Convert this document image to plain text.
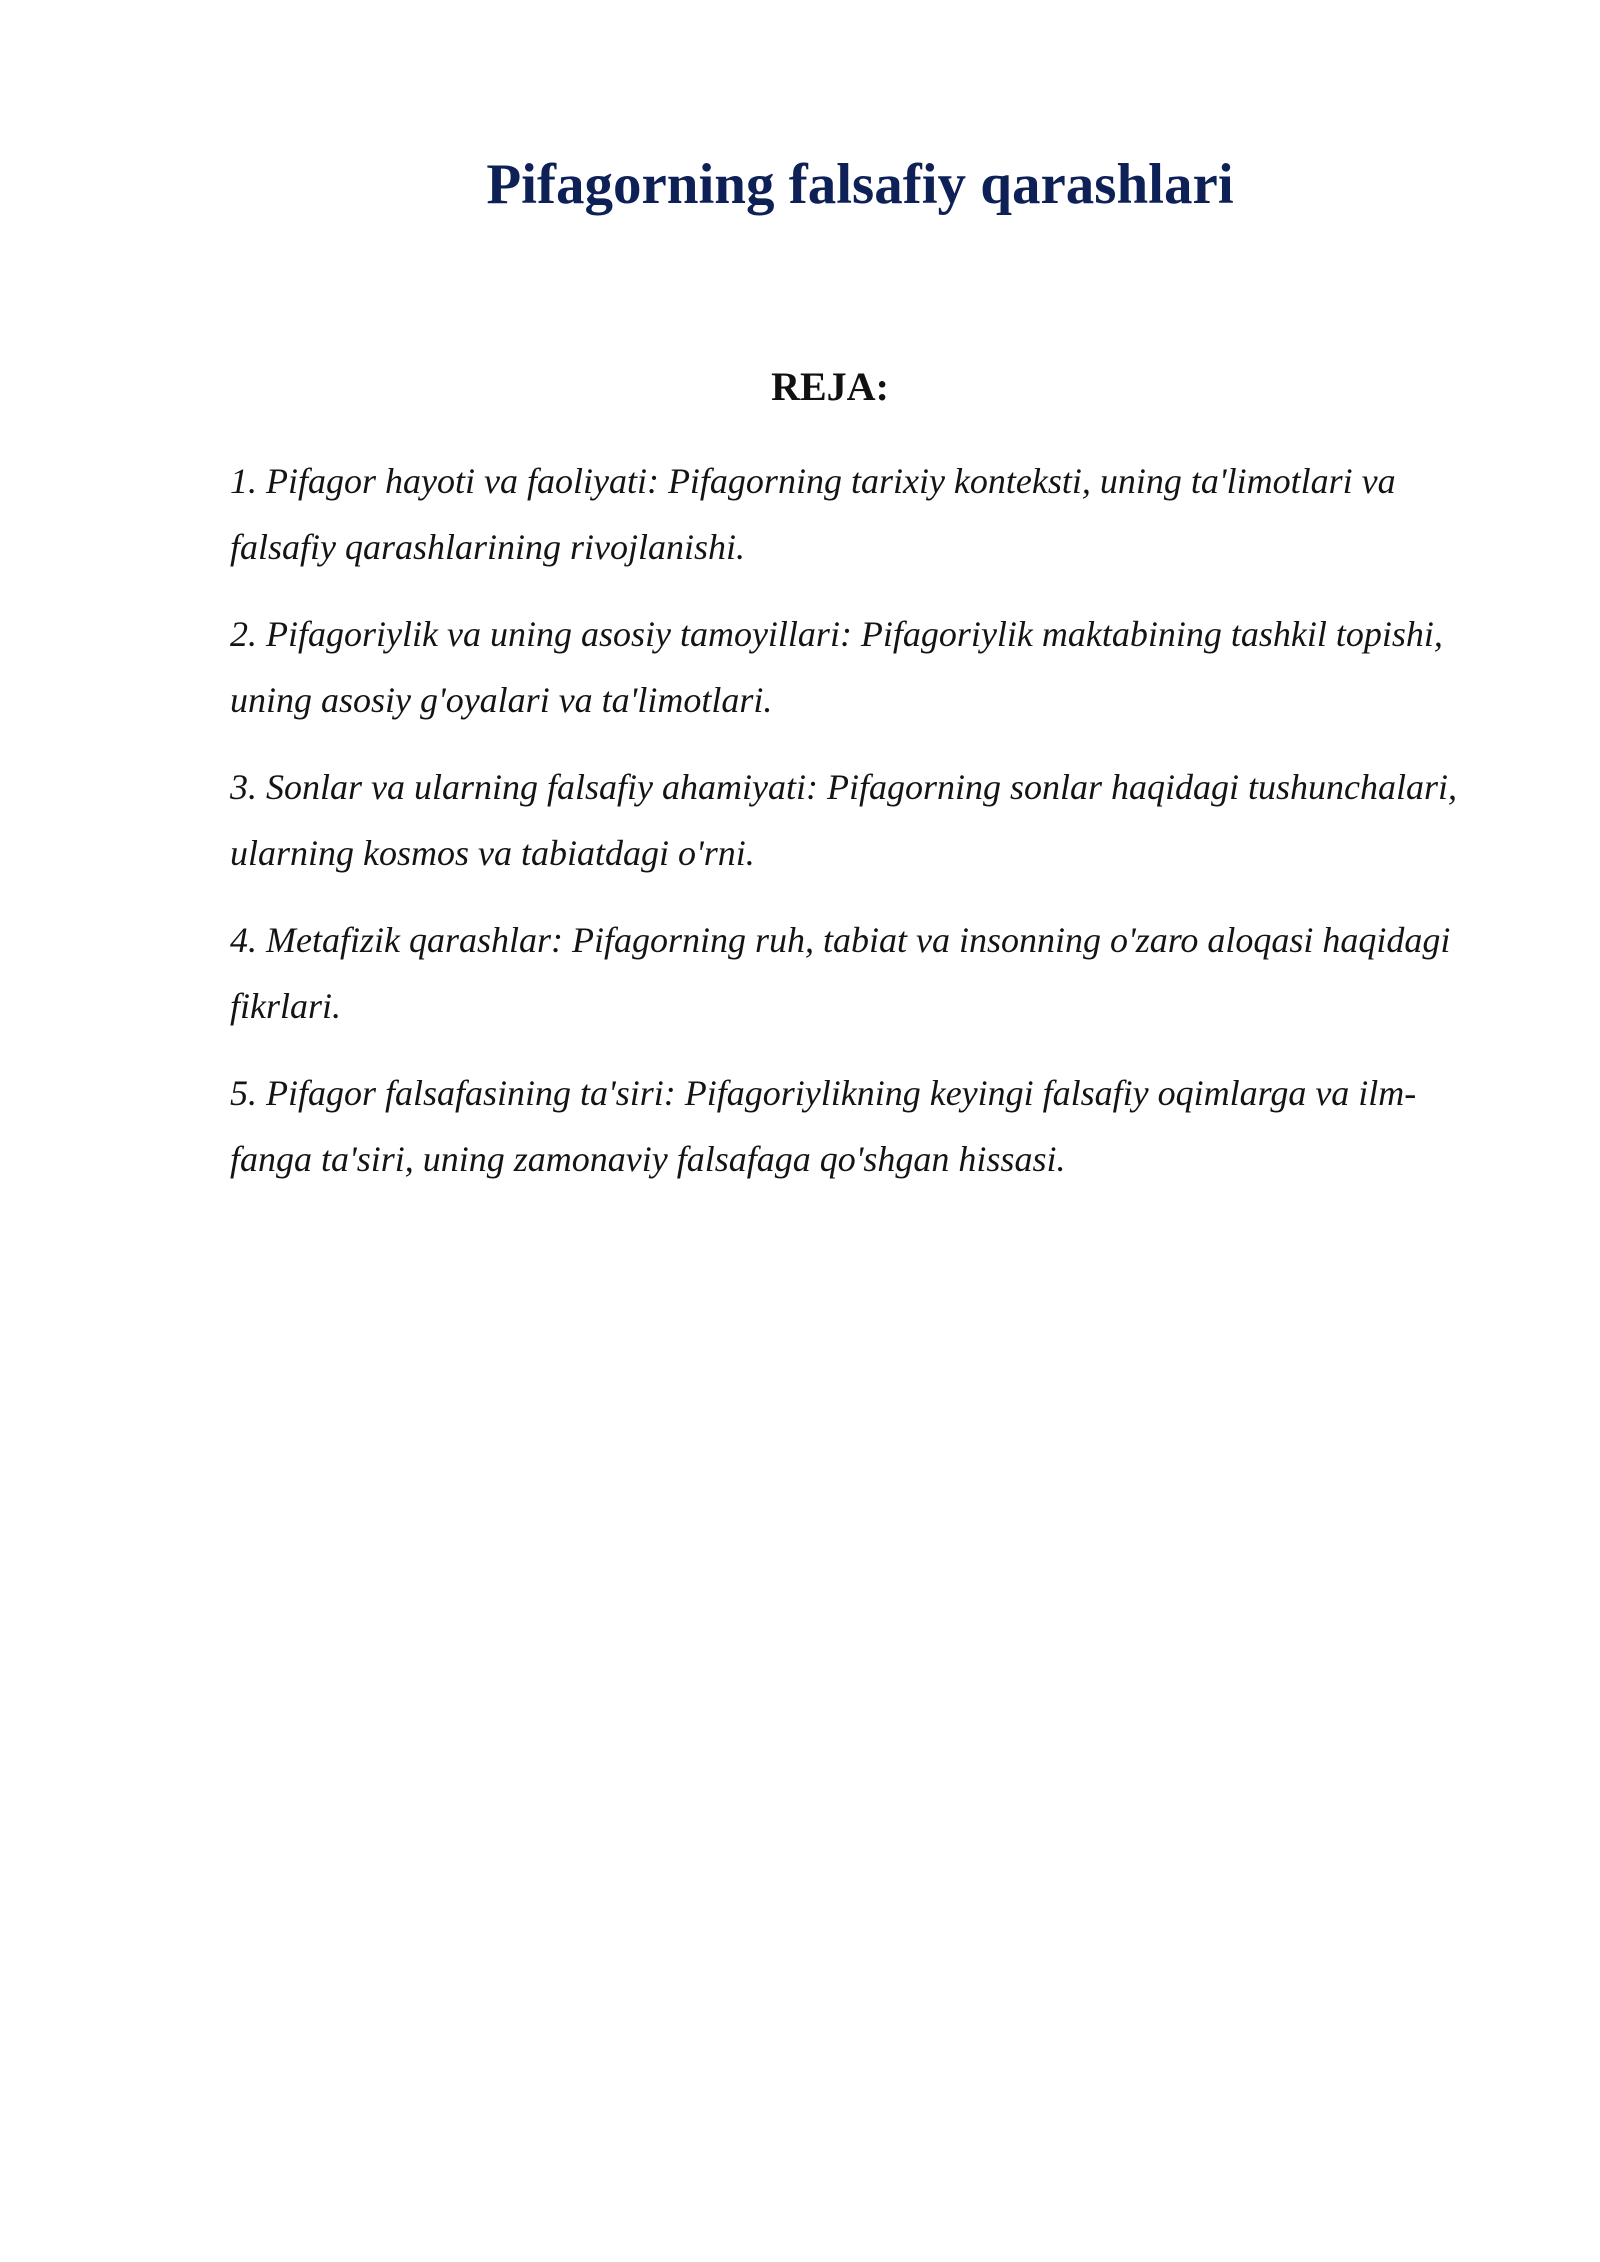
Pifagorning falsafiy qarashlari
REJA:
1. Pifagor hayoti va faoliyati: Pifagorning tarixiy konteksti, uning ta'limotlari va falsafiy qarashlarining rivojlanishi.
2. Pifagoriylik va uning asosiy tamoyillari: Pifagoriylik maktabining tashkil topishi, uning asosiy g'oyalari va ta'limotlari.
3. Sonlar va ularning falsafiy ahamiyati: Pifagorning sonlar haqidagi tushunchalari, ularning kosmos va tabiatdagi o'rni.
4. Metafizik qarashlar: Pifagorning ruh, tabiat va insonning o'zaro aloqasi haqidagi fikrlari.
5. Pifagor falsafasining ta'siri: Pifagoriylikning keyingi falsafiy oqimlarga va ilm-fanga ta'siri, uning zamonaviy falsafaga qo'shgan hissasi.
